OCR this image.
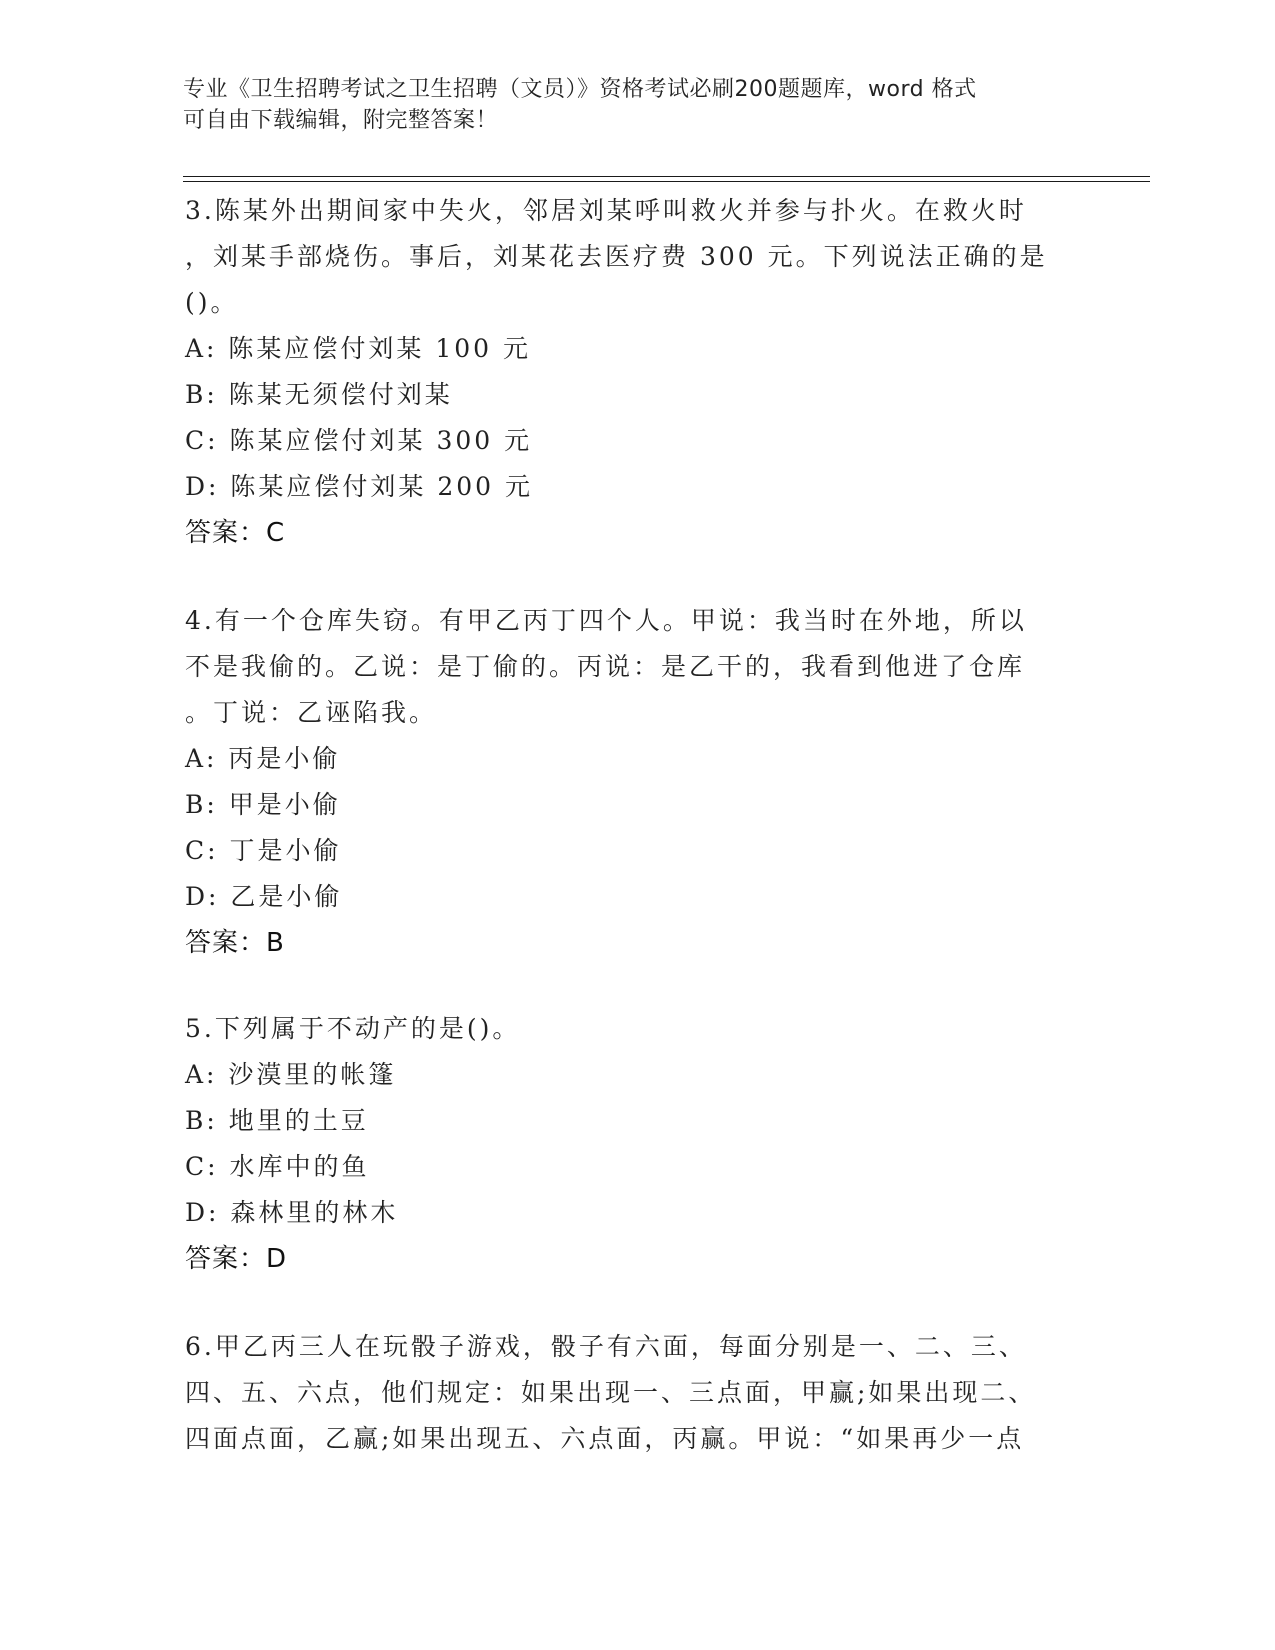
专业《卫生招聘考试之卫生招聘（文员）》资格考试必刷200题题库，word 格式
可自由下载编辑，附完整答案！
3.陈某外出期间家中失火，邻居刘某呼叫救火并参与扑火。在救火时
，刘某手部烧伤。事后，刘某花去医疗费 300 元。下列说法正确的是
()。
A: 陈某应偿付刘某 100 元
B: 陈某无须偿付刘某
C: 陈某应偿付刘某 300 元
D: 陈某应偿付刘某 200 元
答案：C
4.有一个仓库失窃。有甲乙丙丁四个人。甲说：我当时在外地，所以
不是我偷的。乙说：是丁偷的。丙说：是乙干的，我看到他进了仓库
。丁说：乙诬陷我。
A: 丙是小偷
B: 甲是小偷
C: 丁是小偷
D: 乙是小偷
答案：B
5.下列属于不动产的是()。
A: 沙漠里的帐篷
B: 地里的土豆
C: 水库中的鱼
D: 森林里的林木
答案：D
6.甲乙丙三人在玩骰子游戏，骰子有六面，每面分别是一、二、三、
四、五、六点，他们规定：如果出现一、三点面，甲赢;如果出现二、
四面点面，乙赢;如果出现五、六点面，丙赢。甲说：“如果再少一点
